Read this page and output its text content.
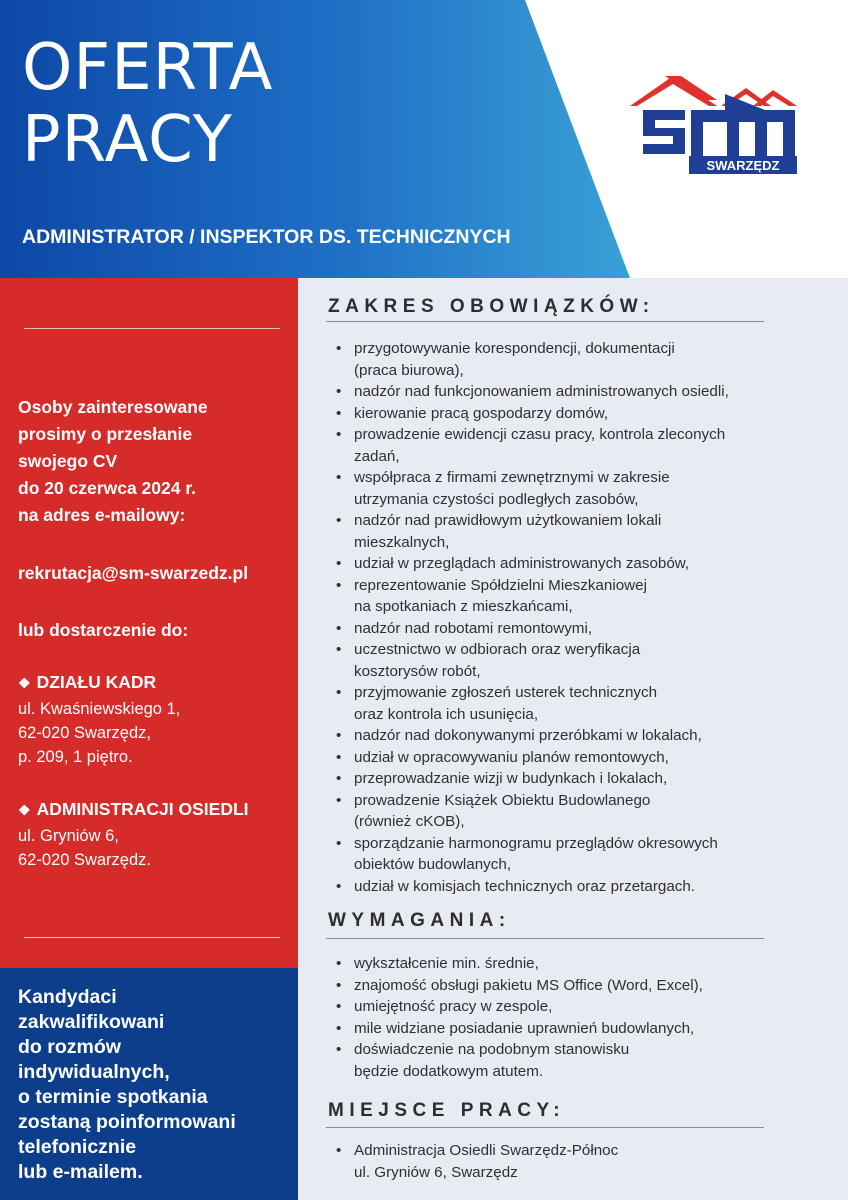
OFERTA
PRACY
ADMINISTRATOR / INSPEKTOR DS. TECHNICZNYCH
SWARZĘDZ
Osoby zainteresowane
prosimy o przesłanie
swojego CV
do 20 czerwca 2024 r.
na adres e-mailowy:
rekrutacja@sm-swarzedz.pl
lub dostarczenie do:
❖ DZIAŁU KADR
ul. Kwaśniewskiego 1,
62-020 Swarzędz,
p. 209, 1 piętro.
❖ ADMINISTRACJI OSIEDLI
ul. Gryniów 6,
62-020 Swarzędz.
Kandydaci
zakwalifikowani
do rozmów
indywidualnych,
o terminie spotkania
zostaną poinformowani
telefonicznie
lub e-mailem.
ZAKRES OBOWIĄZKÓW:
• przygotowywanie korespondencji, dokumentacji
(praca biurowa),
• nadzór nad funkcjonowaniem administrowanych osiedli,
• kierowanie pracą gospodarzy domów,
• prowadzenie ewidencji czasu pracy, kontrola zleconych
zadań,
• współpraca z firmami zewnętrznymi w zakresie
utrzymania czystości podległych zasobów,
• nadzór nad prawidłowym użytkowaniem lokali
mieszkalnych,
• udział w przeglądach administrowanych zasobów,
• reprezentowanie Spółdzielni Mieszkaniowej
na spotkaniach z mieszkańcami,
• nadzór nad robotami remontowymi,
• uczestnictwo w odbiorach oraz weryfikacja
kosztorysów robót,
• przyjmowanie zgłoszeń usterek technicznych
oraz kontrola ich usunięcia,
• nadzór nad dokonywanymi przeróbkami w lokalach,
• udział w opracowywaniu planów remontowych,
• przeprowadzanie wizji w budynkach i lokalach,
• prowadzenie Książek Obiektu Budowlanego
(również cKOB),
• sporządzanie harmonogramu przeglądów okresowych
obiektów budowlanych,
• udział w komisjach technicznych oraz przetargach.
WYMAGANIA:
• wykształcenie min. średnie,
• znajomość obsługi pakietu MS Office (Word, Excel),
• umiejętność pracy w zespole,
• mile widziane posiadanie uprawnień budowlanych,
• doświadczenie na podobnym stanowisku
będzie dodatkowym atutem.
MIEJSCE PRACY:
• Administracja Osiedli Swarzędz-Północ
ul. Gryniów 6, Swarzędz
